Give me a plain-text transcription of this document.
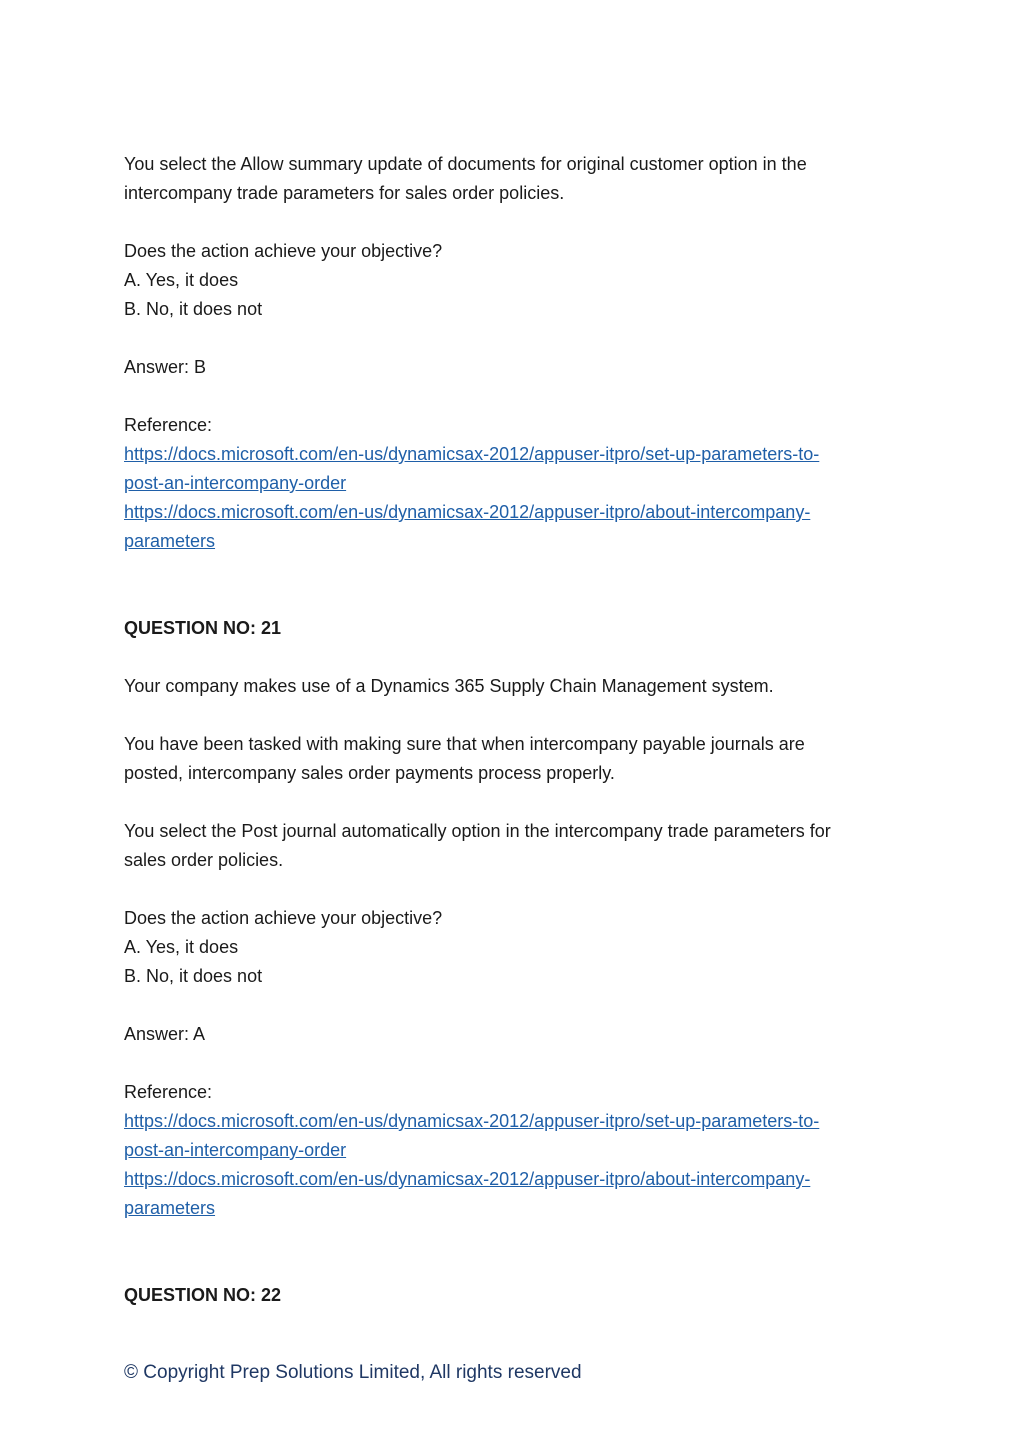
You select the Allow summary update of documents for original customer option in the
intercompany trade parameters for sales order policies.
Does the action achieve your objective?
A. Yes, it does
B. No, it does not
Answer: B
Reference:
https://docs.microsoft.com/en-us/dynamicsax-2012/appuser-itpro/set-up-parameters-to-
post-an-intercompany-order
https://docs.microsoft.com/en-us/dynamicsax-2012/appuser-itpro/about-intercompany-
parameters
QUESTION NO: 21
Your company makes use of a Dynamics 365 Supply Chain Management system.
You have been tasked with making sure that when intercompany payable journals are
posted, intercompany sales order payments process properly.
You select the Post journal automatically option in the intercompany trade parameters for
sales order policies.
Does the action achieve your objective?
A. Yes, it does
B. No, it does not
Answer: A
Reference:
https://docs.microsoft.com/en-us/dynamicsax-2012/appuser-itpro/set-up-parameters-to-
post-an-intercompany-order
https://docs.microsoft.com/en-us/dynamicsax-2012/appuser-itpro/about-intercompany-
parameters
QUESTION NO: 22
© Copyright Prep Solutions Limited, All rights reserved
